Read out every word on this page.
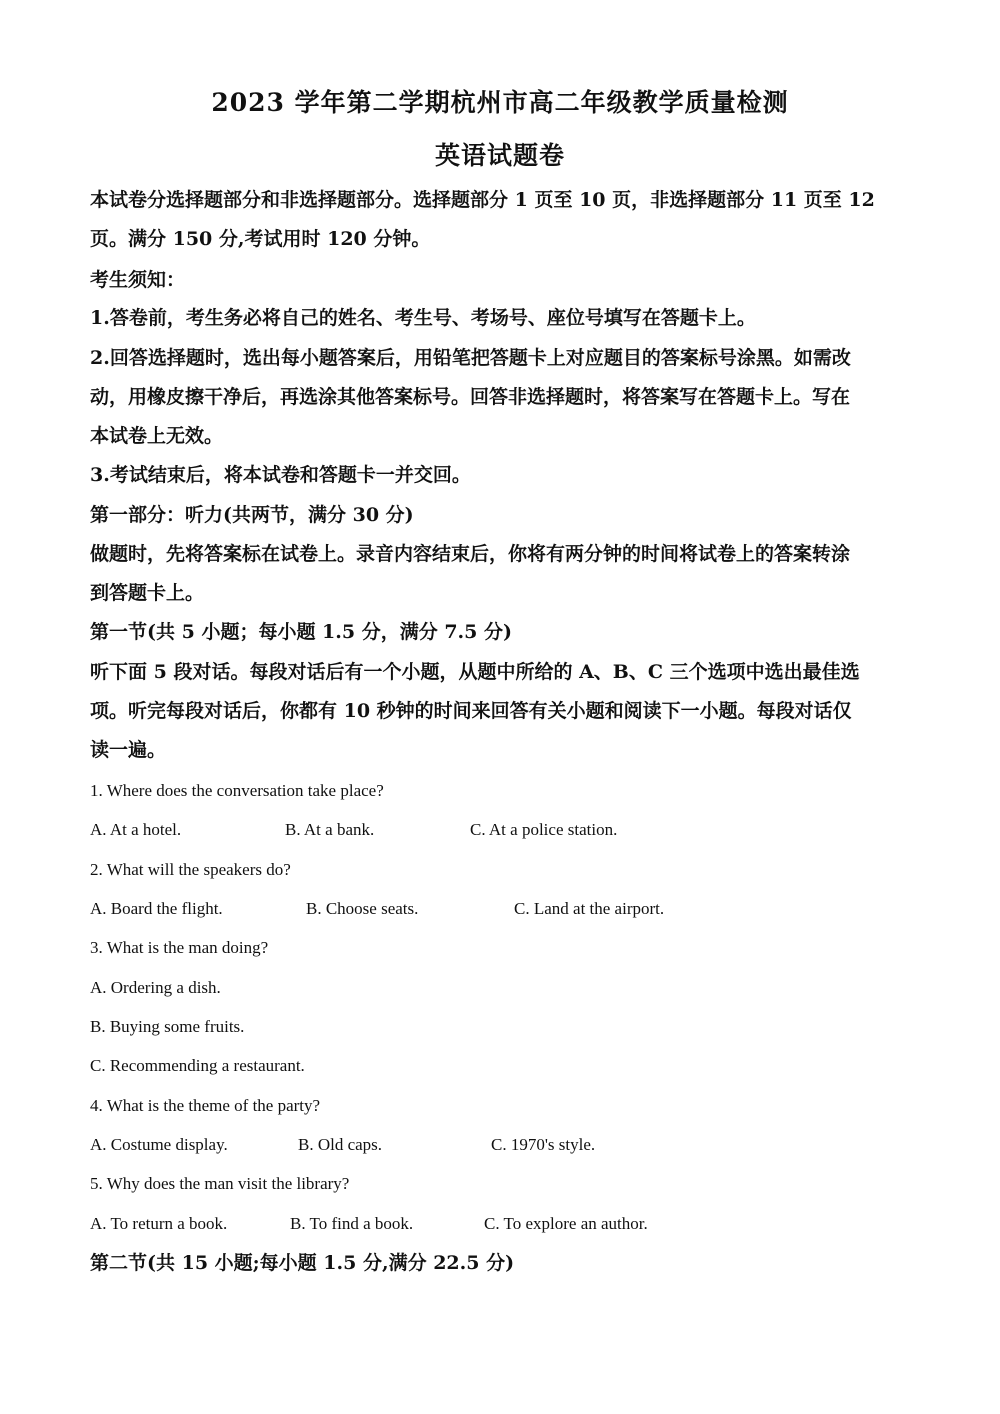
2023 学年第二学期杭州市高二年级教学质量检测
英语试题卷
本试卷分选择题部分和非选择题部分。选择题部分 1 页至 10 页，非选择题部分 11 页至 12
页。满分 150 分,考试用时 120 分钟。
考生须知：
1.答卷前，考生务必将自己的姓名、考生号、考场号、座位号填写在答题卡上。
2.回答选择题时，选出每小题答案后，用铅笔把答题卡上对应题目的答案标号涂黑。如需改
动，用橡皮擦干净后，再选涂其他答案标号。回答非选择题时，将答案写在答题卡上。写在
本试卷上无效。
3.考试结束后，将本试卷和答题卡一并交回。
第一部分：听力(共两节，满分 30 分)
做题时，先将答案标在试卷上。录音内容结束后，你将有两分钟的时间将试卷上的答案转涂
到答题卡上。
第一节(共 5 小题；每小题 1.5 分，满分 7.5 分)
听下面 5 段对话。每段对话后有一个小题，从题中所给的 A、B、C 三个选项中选出最佳选
项。听完每段对话后，你都有 10 秒钟的时间来回答有关小题和阅读下一小题。每段对话仅
读一遍。
1. Where does the conversation take place?
A. At a hotel.	B. At a bank.	C. At a police station.
2. What will the speakers do?
A. Board the flight.	B. Choose seats.	C. Land at the airport.
3. What is the man doing?
A. Ordering a dish.
B. Buying some fruits.
C. Recommending a restaurant.
4. What is the theme of the party?
A. Costume display.	B. Old caps.	C. 1970's style.
5. Why does the man visit the library?
A. To return a book.	B. To find a book.	C. To explore an author.
第二节(共 15 小题;每小题 1.5 分,满分 22.5 分)
